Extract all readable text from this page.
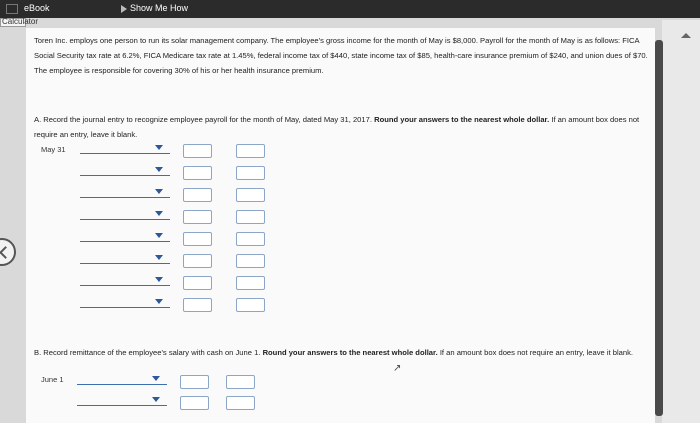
eBook	Show Me How
Calculator
Toren Inc. employs one person to run its solar management company. The employee's gross income for the month of May is $8,000. Payroll for the month of May is as follows: FICA Social Security tax rate at 6.2%, FICA Medicare tax rate at 1.45%, federal income tax of $440, state income tax of $85, health-care insurance premium of $240, and union dues of $70. The employee is responsible for covering 30% of his or her health insurance premium.
A. Record the journal entry to recognize employee payroll for the month of May, dated May 31, 2017. Round your answers to the nearest whole dollar. If an amount box does not require an entry, leave it blank.
May 31
B. Record remittance of the employee's salary with cash on June 1. Round your answers to the nearest whole dollar. If an amount box does not require an entry, leave it blank.
June 1
↗
